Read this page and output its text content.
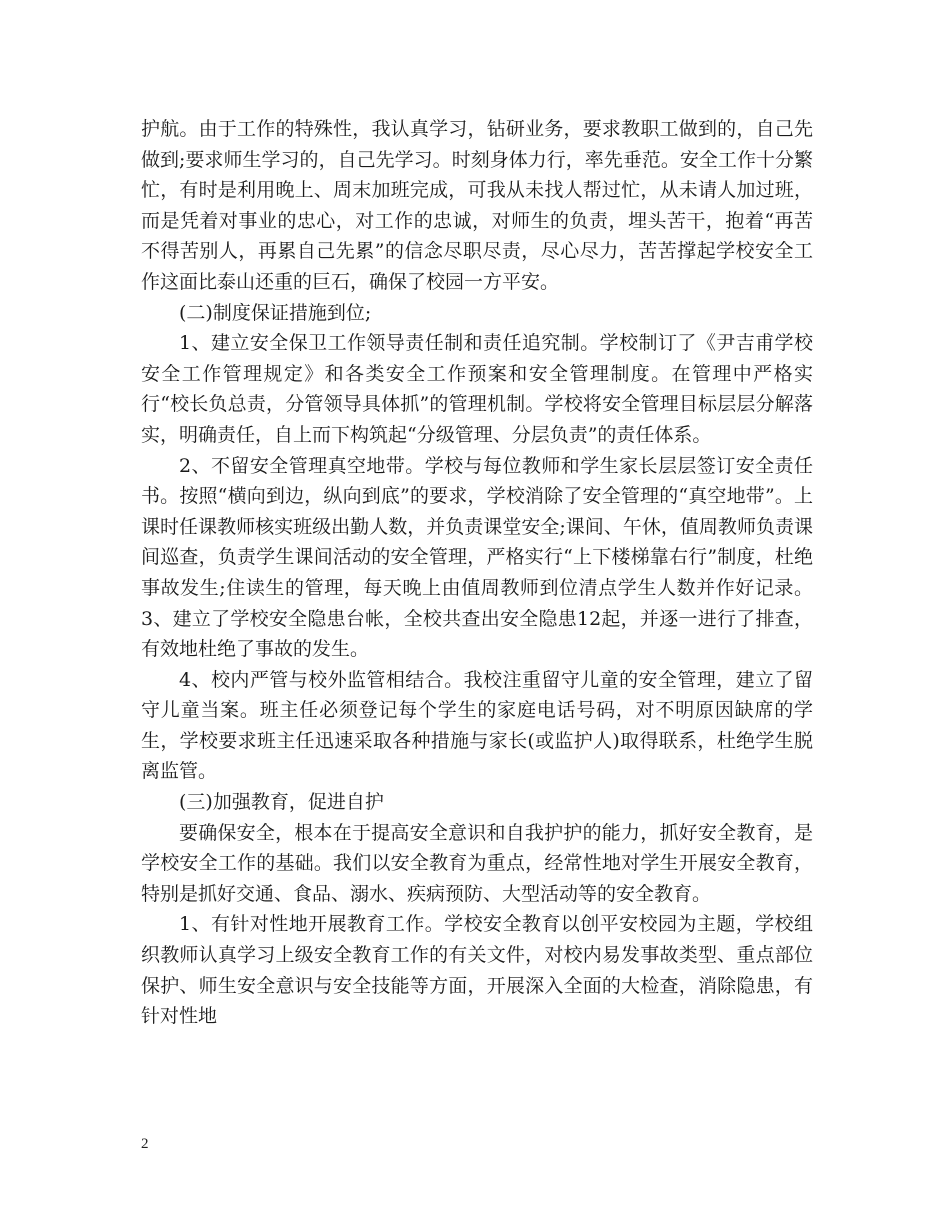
护航。由于工作的特殊性，我认真学习，钻研业务，要求教职工做到的，自己先做到;要求师生学习的，自己先学习。时刻身体力行，率先垂范。安全工作十分繁忙，有时是利用晚上、周末加班完成，可我从未找人帮过忙，从未请人加过班，而是凭着对事业的忠心，对工作的忠诚，对师生的负责，埋头苦干，抱着“再苦不得苦别人，再累自己先累”的信念尽职尽责，尽心尽力，苦苦撑起学校安全工作这面比泰山还重的巨石，确保了校园一方平安。

(二)制度保证措施到位;

1、建立安全保卫工作领导责任制和责任追究制。学校制订了《尹吉甫学校安全工作管理规定》和各类安全工作预案和安全管理制度。在管理中严格实行“校长负总责，分管领导具体抓”的管理机制。学校将安全管理目标层层分解落实，明确责任，自上而下构筑起“分级管理、分层负责”的责任体系。

2、不留安全管理真空地带。学校与每位教师和学生家长层层签订安全责任书。按照“横向到边，纵向到底”的要求，学校消除了安全管理的“真空地带”。上课时任课教师核实班级出勤人数，并负责课堂安全;课间、午休，值周教师负责课间巡查，负责学生课间活动的安全管理，严格实行“上下楼梯靠右行”制度，杜绝事故发生;住读生的管理，每天晚上由值周教师到位清点学生人数并作好记录。3、建立了学校安全隐患台帐，全校共查出安全隐患12起，并逐一进行了排查，有效地杜绝了事故的发生。

4、校内严管与校外监管相结合。我校注重留守儿童的安全管理，建立了留守儿童当案。班主任必须登记每个学生的家庭电话号码，对不明原因缺席的学生，学校要求班主任迅速采取各种措施与家长(或监护人)取得联系，杜绝学生脱离监管。

(三)加强教育，促进自护

要确保安全，根本在于提高安全意识和自我护护的能力，抓好安全教育，是学校安全工作的基础。我们以安全教育为重点，经常性地对学生开展安全教育，特别是抓好交通、食品、溺水、疾病预防、大型活动等的安全教育。

1、有针对性地开展教育工作。学校安全教育以创平安校园为主题，学校组织教师认真学习上级安全教育工作的有关文件，对校内易发事故类型、重点部位保护、师生安全意识与安全技能等方面，开展深入全面的大检查，消除隐患，有针对性地

2
